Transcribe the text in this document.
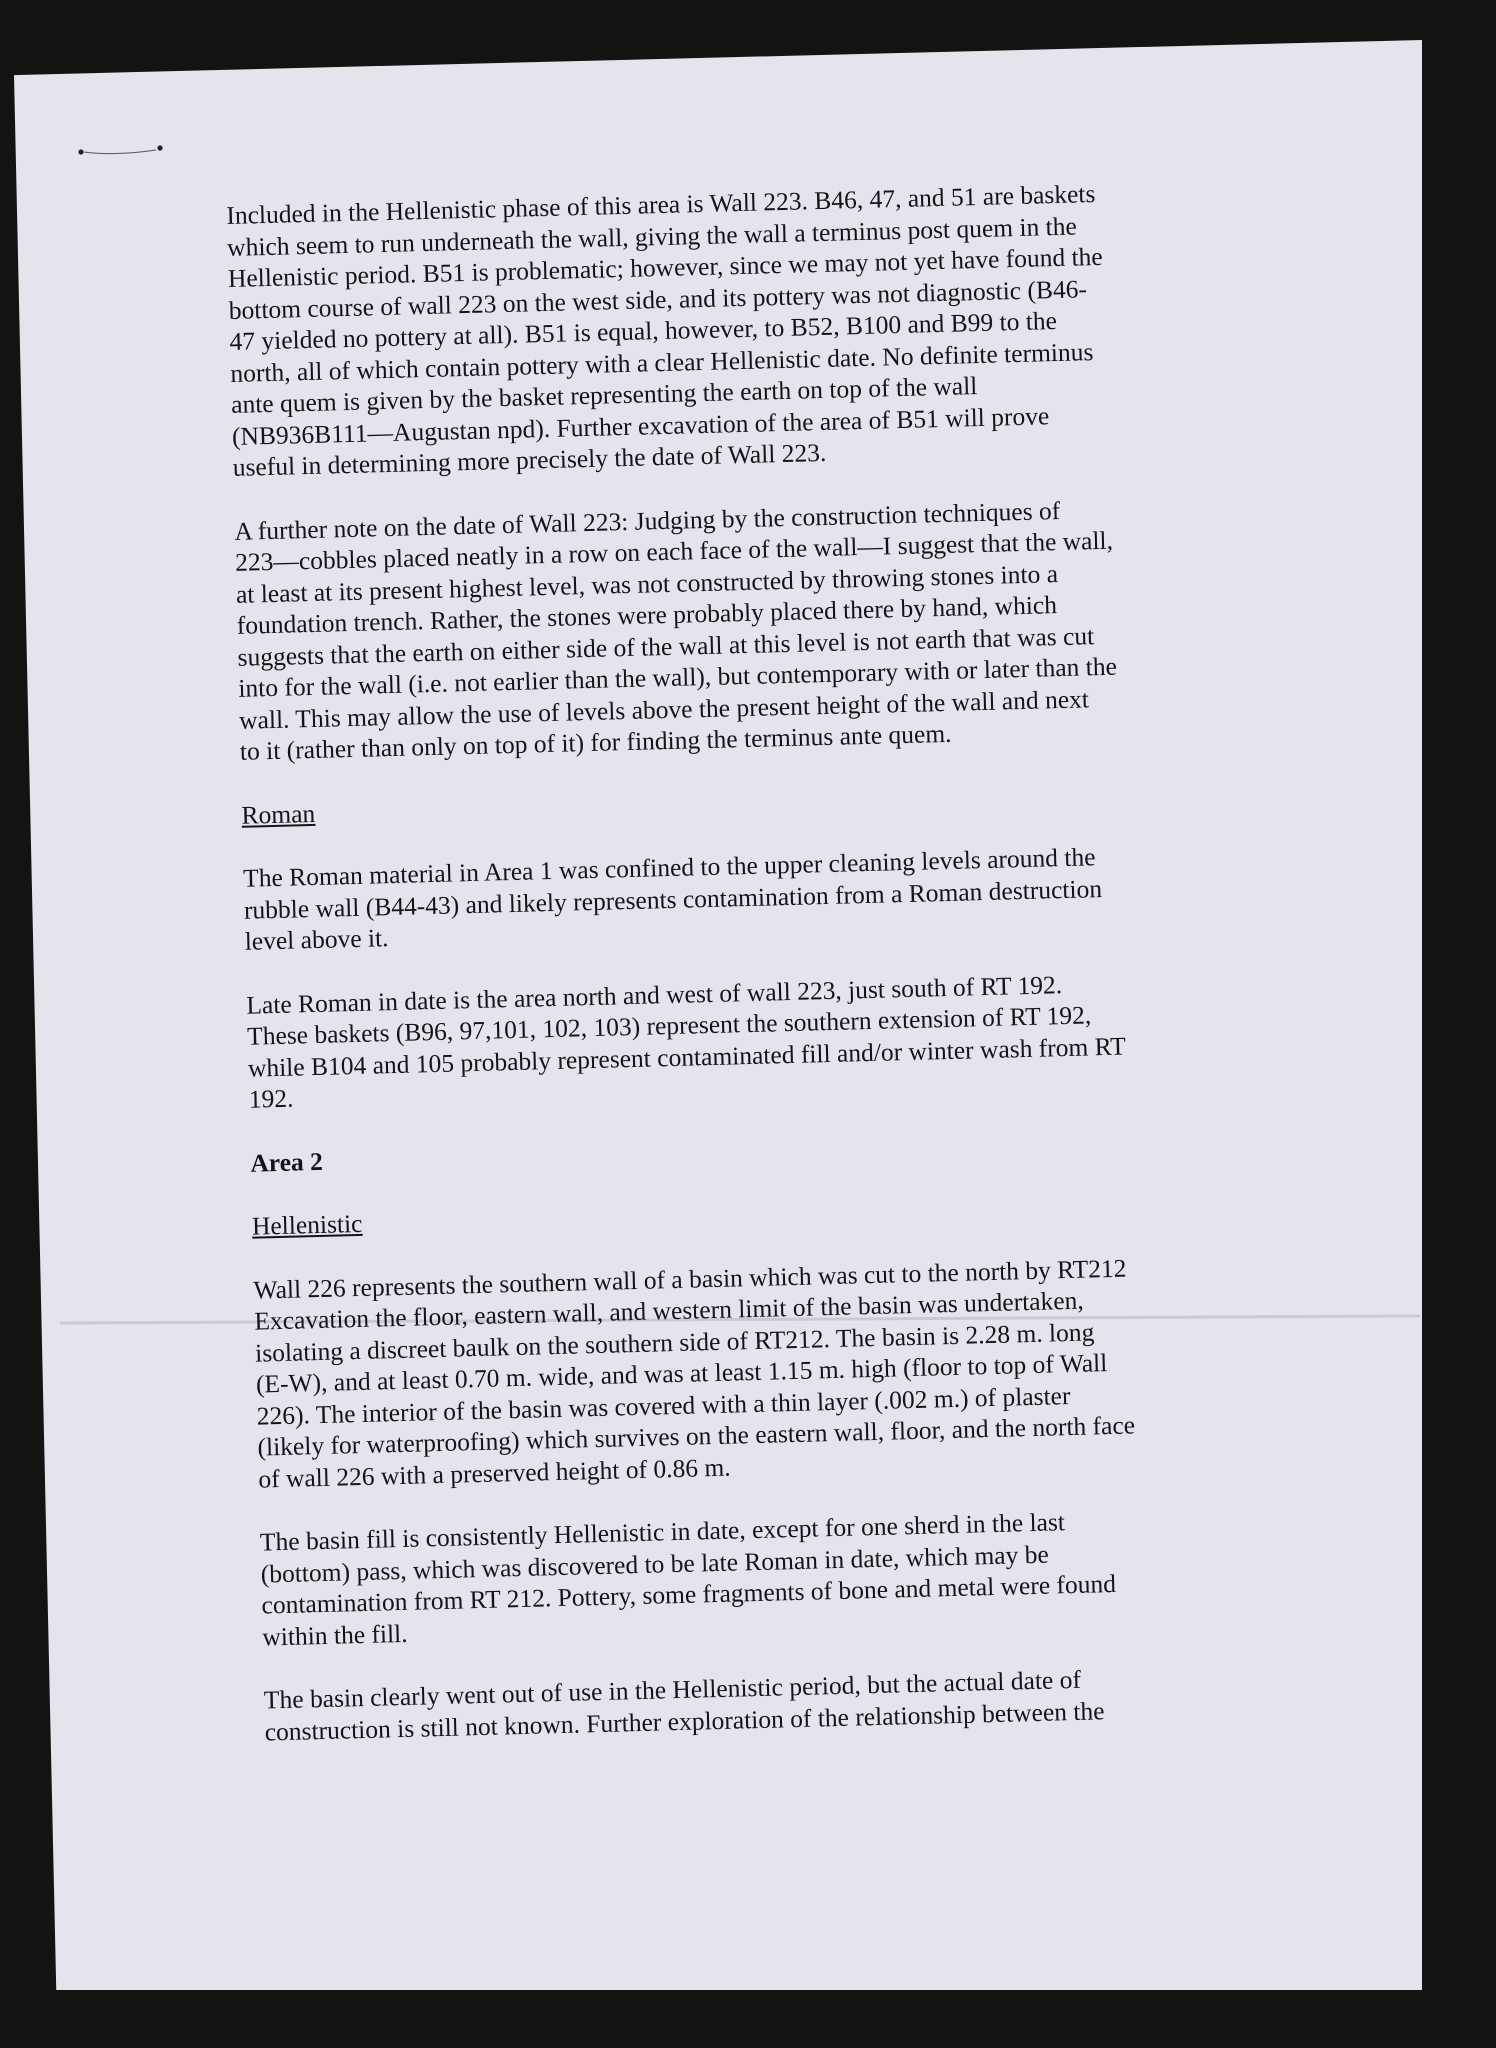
Included in the Hellenistic phase of this area is Wall 223. B46, 47, and 51 are baskets
which seem to run underneath the wall, giving the wall a terminus post quem in the
Hellenistic period. B51 is problematic; however, since we may not yet have found the
bottom course of wall 223 on the west side, and its pottery was not diagnostic (B46-
47 yielded no pottery at all). B51 is equal, however, to B52, B100 and B99 to the
north, all of which contain pottery with a clear Hellenistic date. No definite terminus
ante quem is given by the basket representing the earth on top of the wall
(NB936B111—Augustan npd). Further excavation of the area of B51 will prove
useful in determining more precisely the date of Wall 223.

A further note on the date of Wall 223: Judging by the construction techniques of
223—cobbles placed neatly in a row on each face of the wall—I suggest that the wall,
at least at its present highest level, was not constructed by throwing stones into a
foundation trench. Rather, the stones were probably placed there by hand, which
suggests that the earth on either side of the wall at this level is not earth that was cut
into for the wall (i.e. not earlier than the wall), but contemporary with or later than the
wall. This may allow the use of levels above the present height of the wall and next
to it (rather than only on top of it) for finding the terminus ante quem.

Roman

The Roman material in Area 1 was confined to the upper cleaning levels around the
rubble wall (B44-43) and likely represents contamination from a Roman destruction
level above it.

Late Roman in date is the area north and west of wall 223, just south of RT 192.
These baskets (B96, 97,101, 102, 103) represent the southern extension of RT 192,
while B104 and 105 probably represent contaminated fill and/or winter wash from RT
192.

Area 2

Hellenistic

Wall 226 represents the southern wall of a basin which was cut to the north by RT212
Excavation the floor, eastern wall, and western limit of the basin was undertaken,
isolating a discreet baulk on the southern side of RT212. The basin is 2.28 m. long
(E-W), and at least 0.70 m. wide, and was at least 1.15 m. high (floor to top of Wall
226). The interior of the basin was covered with a thin layer (.002 m.) of plaster
(likely for waterproofing) which survives on the eastern wall, floor, and the north face
of wall 226 with a preserved height of 0.86 m.

The basin fill is consistently Hellenistic in date, except for one sherd in the last
(bottom) pass, which was discovered to be late Roman in date, which may be
contamination from RT 212. Pottery, some fragments of bone and metal were found
within the fill.

The basin clearly went out of use in the Hellenistic period, but the actual date of
construction is still not known. Further exploration of the relationship between the
